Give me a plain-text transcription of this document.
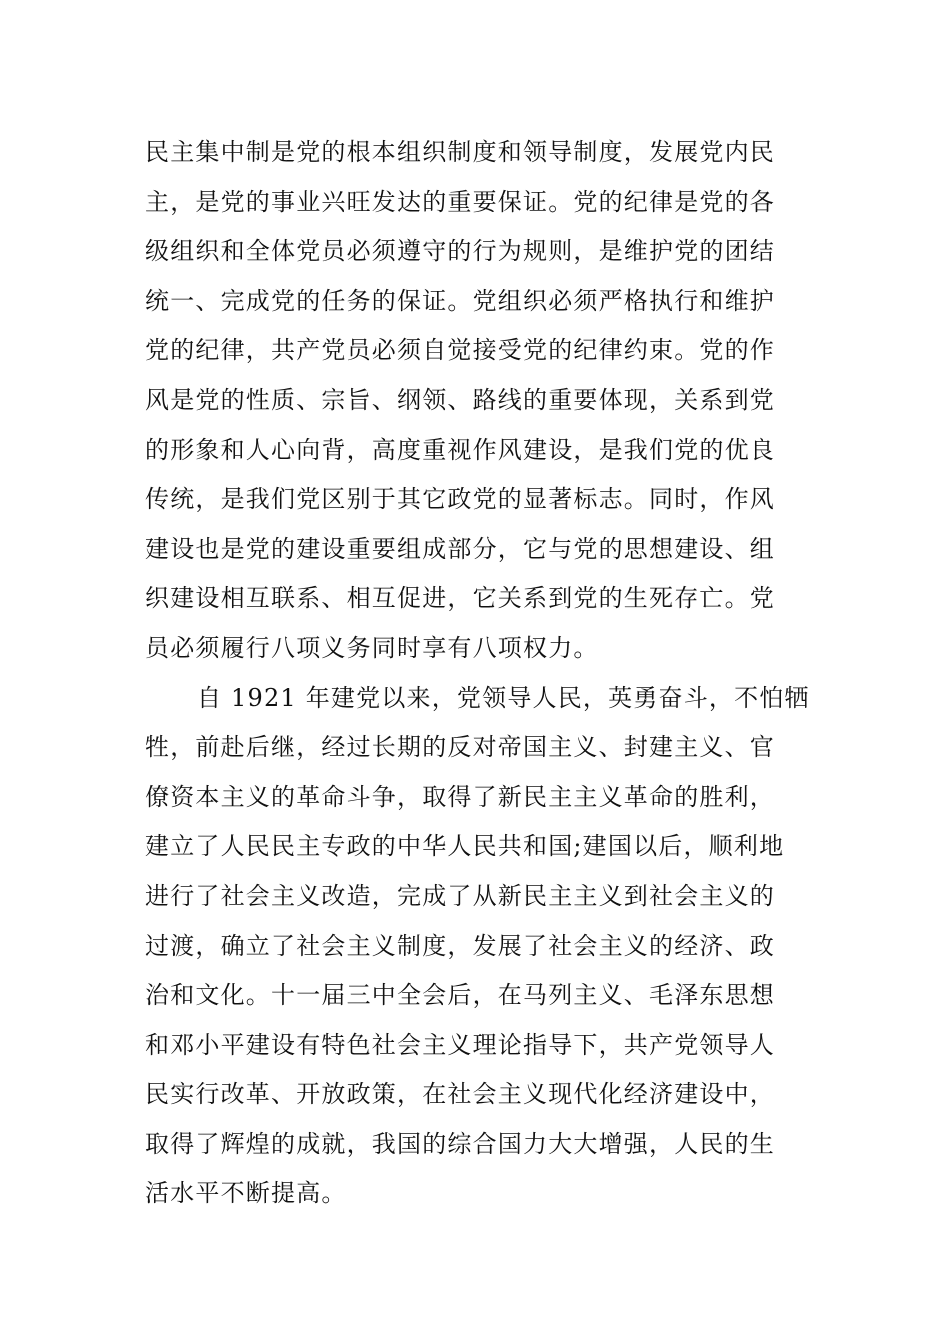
民主集中制是党的根本组织制度和领导制度，发展党内民
主，是党的事业兴旺发达的重要保证。党的纪律是党的各
级组织和全体党员必须遵守的行为规则，是维护党的团结
统一、完成党的任务的保证。党组织必须严格执行和维护
党的纪律，共产党员必须自觉接受党的纪律约束。党的作
风是党的性质、宗旨、纲领、路线的重要体现，关系到党
的形象和人心向背，高度重视作风建设，是我们党的优良
传统，是我们党区别于其它政党的显著标志。同时，作风
建设也是党的建设重要组成部分，它与党的思想建设、组
织建设相互联系、相互促进，它关系到党的生死存亡。党
员必须履行八项义务同时享有八项权力。

自 1921 年建党以来，党领导人民，英勇奋斗，不怕牺
牲，前赴后继，经过长期的反对帝国主义、封建主义、官
僚资本主义的革命斗争，取得了新民主主义革命的胜利，
建立了人民民主专政的中华人民共和国;建国以后，顺利地
进行了社会主义改造，完成了从新民主主义到社会主义的
过渡，确立了社会主义制度，发展了社会主义的经济、政
治和文化。十一届三中全会后，在马列主义、毛泽东思想
和邓小平建设有特色社会主义理论指导下，共产党领导人
民实行改革、开放政策，在社会主义现代化经济建设中，
取得了辉煌的成就，我国的综合国力大大增强，人民的生
活水平不断提高。
